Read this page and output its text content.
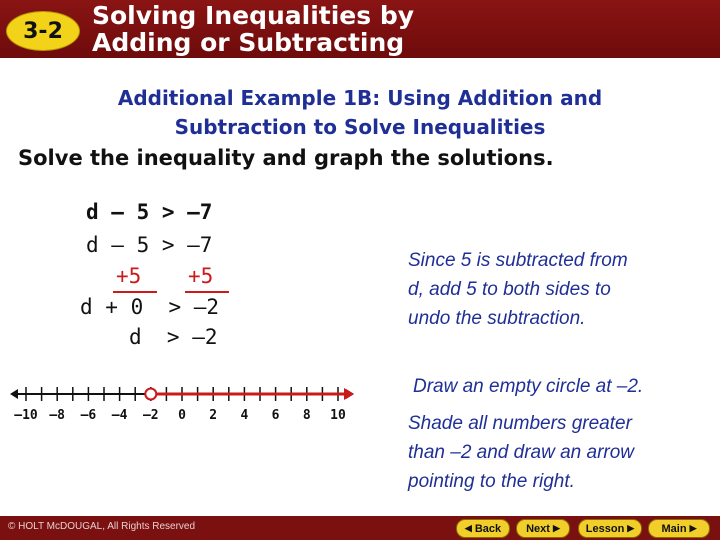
3-2
Solving Inequalities by
Adding or Subtracting
Additional Example 1B: Using Addition and
Subtraction to Solve Inequalities
Solve the inequality and graph the solutions.
d – 5 > –7
d – 5 > –7
+5 +5
d + 0  > –2
d  > –2
Since 5 is subtracted from
d, add 5 to both sides to
undo the subtraction.
Draw an empty circle at –2.
Shade all numbers greater
than –2 and draw an arrow
pointing to the right.
–10 –8 –6 –4 –2 0 2 4 6 8 10
© HOLT McDOUGAL, All Rights Reserved	◀ Back Next ▶ Lesson ▶ Main ▶
